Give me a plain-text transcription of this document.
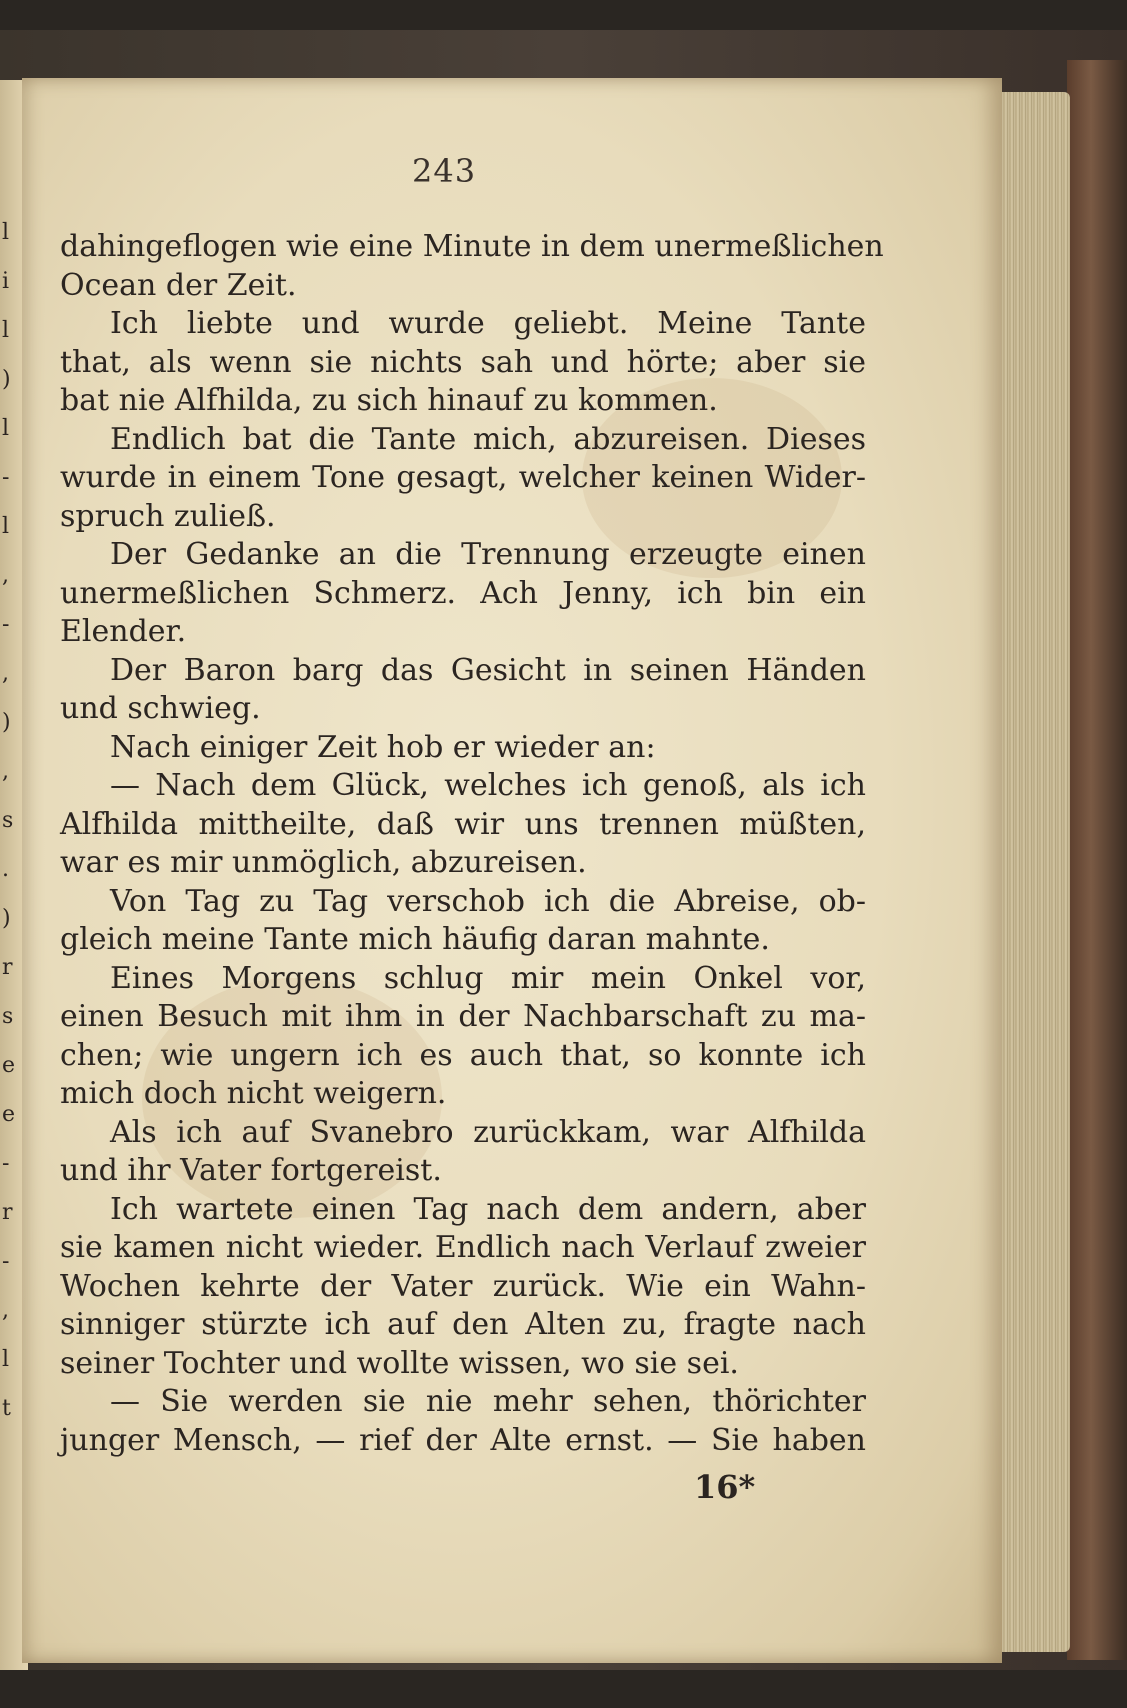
l
i
l
)
l
-
l
,
-
,
)
,
s
.
)
r
s
e
e
-
r
-
,
l
t
243
dahingeflogen wie eine Minute in dem unermeßlichen
Ocean der Zeit.
Ich liebte und wurde geliebt. Meine Tante
that, als wenn sie nichts sah und hörte; aber sie
bat nie Alfhilda, zu sich hinauf zu kommen.
Endlich bat die Tante mich, abzureisen. Dieses
wurde in einem Tone gesagt, welcher keinen Wider-
spruch zuließ.
Der Gedanke an die Trennung erzeugte einen
unermeßlichen Schmerz. Ach Jenny, ich bin ein
Elender.
Der Baron barg das Gesicht in seinen Händen
und schwieg.
Nach einiger Zeit hob er wieder an:
— Nach dem Glück, welches ich genoß, als ich
Alfhilda mittheilte, daß wir uns trennen müßten,
war es mir unmöglich, abzureisen.
Von Tag zu Tag verschob ich die Abreise, ob-
gleich meine Tante mich häufig daran mahnte.
Eines Morgens schlug mir mein Onkel vor,
einen Besuch mit ihm in der Nachbarschaft zu ma-
chen; wie ungern ich es auch that, so konnte ich
mich doch nicht weigern.
Als ich auf Svanebro zurückkam, war Alfhilda
und ihr Vater fortgereist.
Ich wartete einen Tag nach dem andern, aber
sie kamen nicht wieder. Endlich nach Verlauf zweier
Wochen kehrte der Vater zurück. Wie ein Wahn-
sinniger stürzte ich auf den Alten zu, fragte nach
seiner Tochter und wollte wissen, wo sie sei.
— Sie werden sie nie mehr sehen, thörichter
junger Mensch, — rief der Alte ernst. — Sie haben
16*
